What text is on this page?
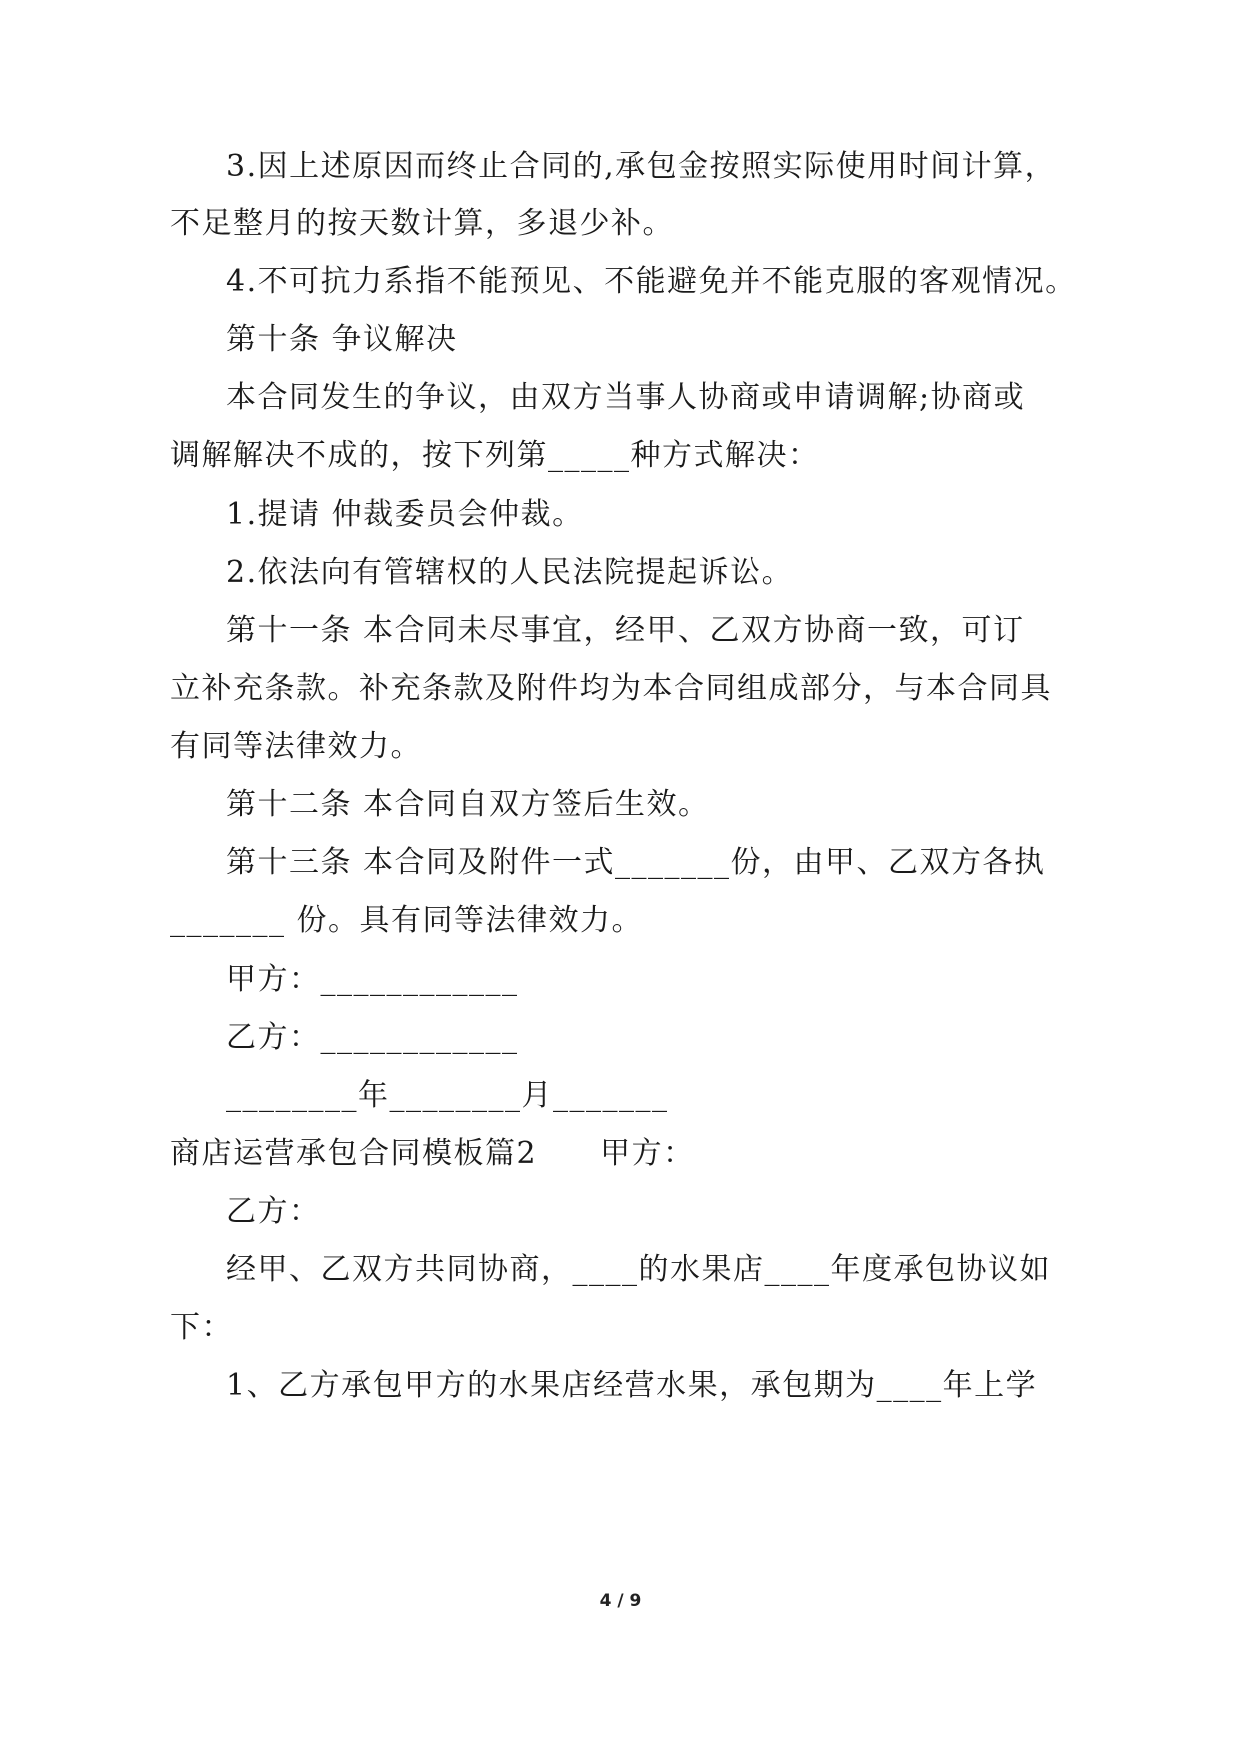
3.因上述原因而终止合同的,承包金按照实际使用时间计算，
不足整月的按天数计算，多退少补。
4.不可抗力系指不能预见、不能避免并不能克服的客观情况。
第十条 争议解决
本合同发生的争议，由双方当事人协商或申请调解;协商或
调解解决不成的，按下列第_____种方式解决：
1.提请 仲裁委员会仲裁。
2.依法向有管辖权的人民法院提起诉讼。
第十一条 本合同未尽事宜，经甲、乙双方协商一致，可订
立补充条款。补充条款及附件均为本合同组成部分，与本合同具
有同等法律效力。
第十二条 本合同自双方签后生效。
第十三条 本合同及附件一式_______份，由甲、乙双方各执
_______ 份。具有同等法律效力。
甲方：____________
乙方：____________
________年________月_______
商店运营承包合同模板篇2　　甲方：
乙方：
经甲、乙双方共同协商，____的水果店____年度承包协议如
下：
1、乙方承包甲方的水果店经营水果，承包期为____年上学
4 / 9
